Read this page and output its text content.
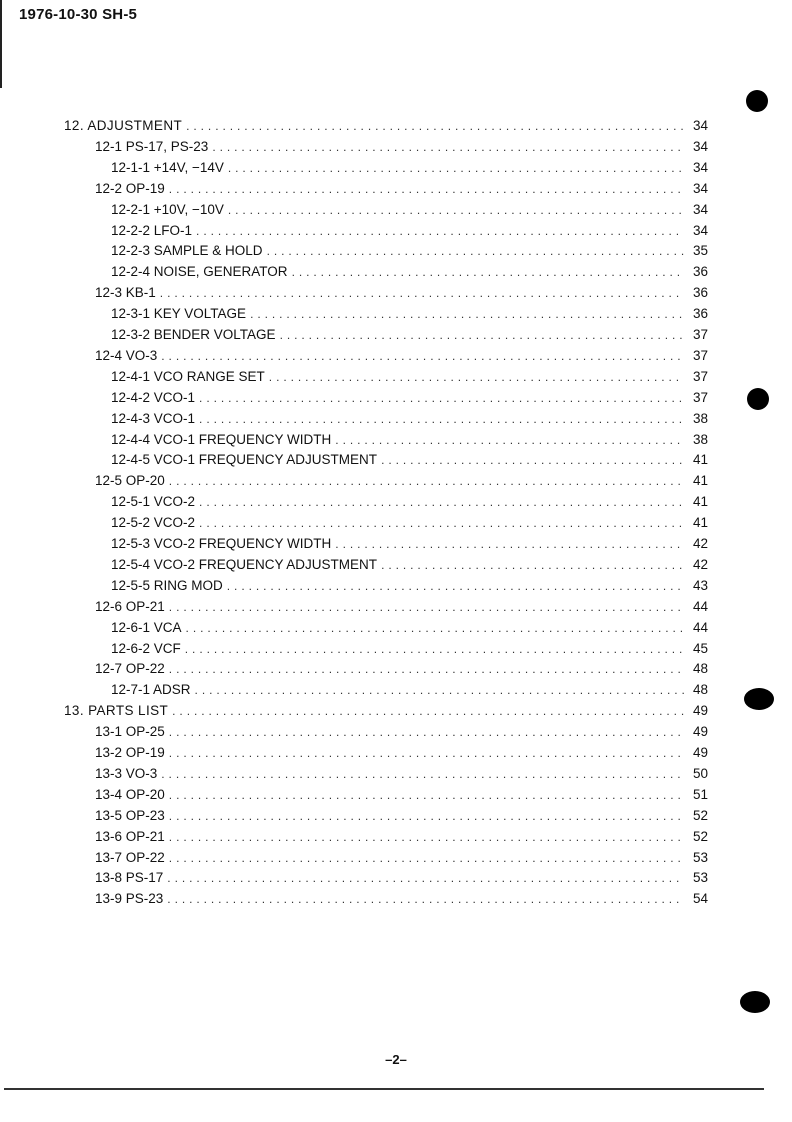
1976-10-30 SH-5
12. ADJUSTMENT . . .	34
12-1 PS-17, PS-23 . . .	34
12-1-1 +14V, −14V . . .	34
12-2 OP-19 . . .	34
12-2-1 +10V, −10V . . .	34
12-2-2 LFO-1 . . .	34
12-2-3 SAMPLE & HOLD . . .	35
12-2-4 NOISE, GENERATOR . . .	36
12-3 KB-1 . . .	36
12-3-1 KEY VOLTAGE . . .	36
12-3-2 BENDER VOLTAGE . . .	37
12-4 VO-3 . . .	37
12-4-1 VCO RANGE SET . . .	37
12-4-2 VCO-1 . . .	37
12-4-3 VCO-1 . . .	38
12-4-4 VCO-1 FREQUENCY WIDTH . . .	38
12-4-5 VCO-1 FREQUENCY ADJUSTMENT . . .	41
12-5 OP-20 . . .	41
12-5-1 VCO-2 . . .	41
12-5-2 VCO-2 . . .	41
12-5-3 VCO-2 FREQUENCY WIDTH . . .	42
12-5-4 VCO-2 FREQUENCY ADJUSTMENT . . .	42
12-5-5 RING MOD . . .	43
12-6 OP-21 . . .	44
12-6-1 VCA . . .	44
12-6-2 VCF . . .	45
12-7 OP-22 . . .	48
12-7-1 ADSR . . .	48
13. PARTS LIST . . .	49
13-1 OP-25 . . .	49
13-2 OP-19 . . .	49
13-3 VO-3 . . .	50
13-4 OP-20 . . .	51
13-5 OP-23 . . .	52
13-6 OP-21 . . .	52
13-7 OP-22 . . .	53
13-8 PS-17 . . .	53
13-9 PS-23 . . .	54
–2–
